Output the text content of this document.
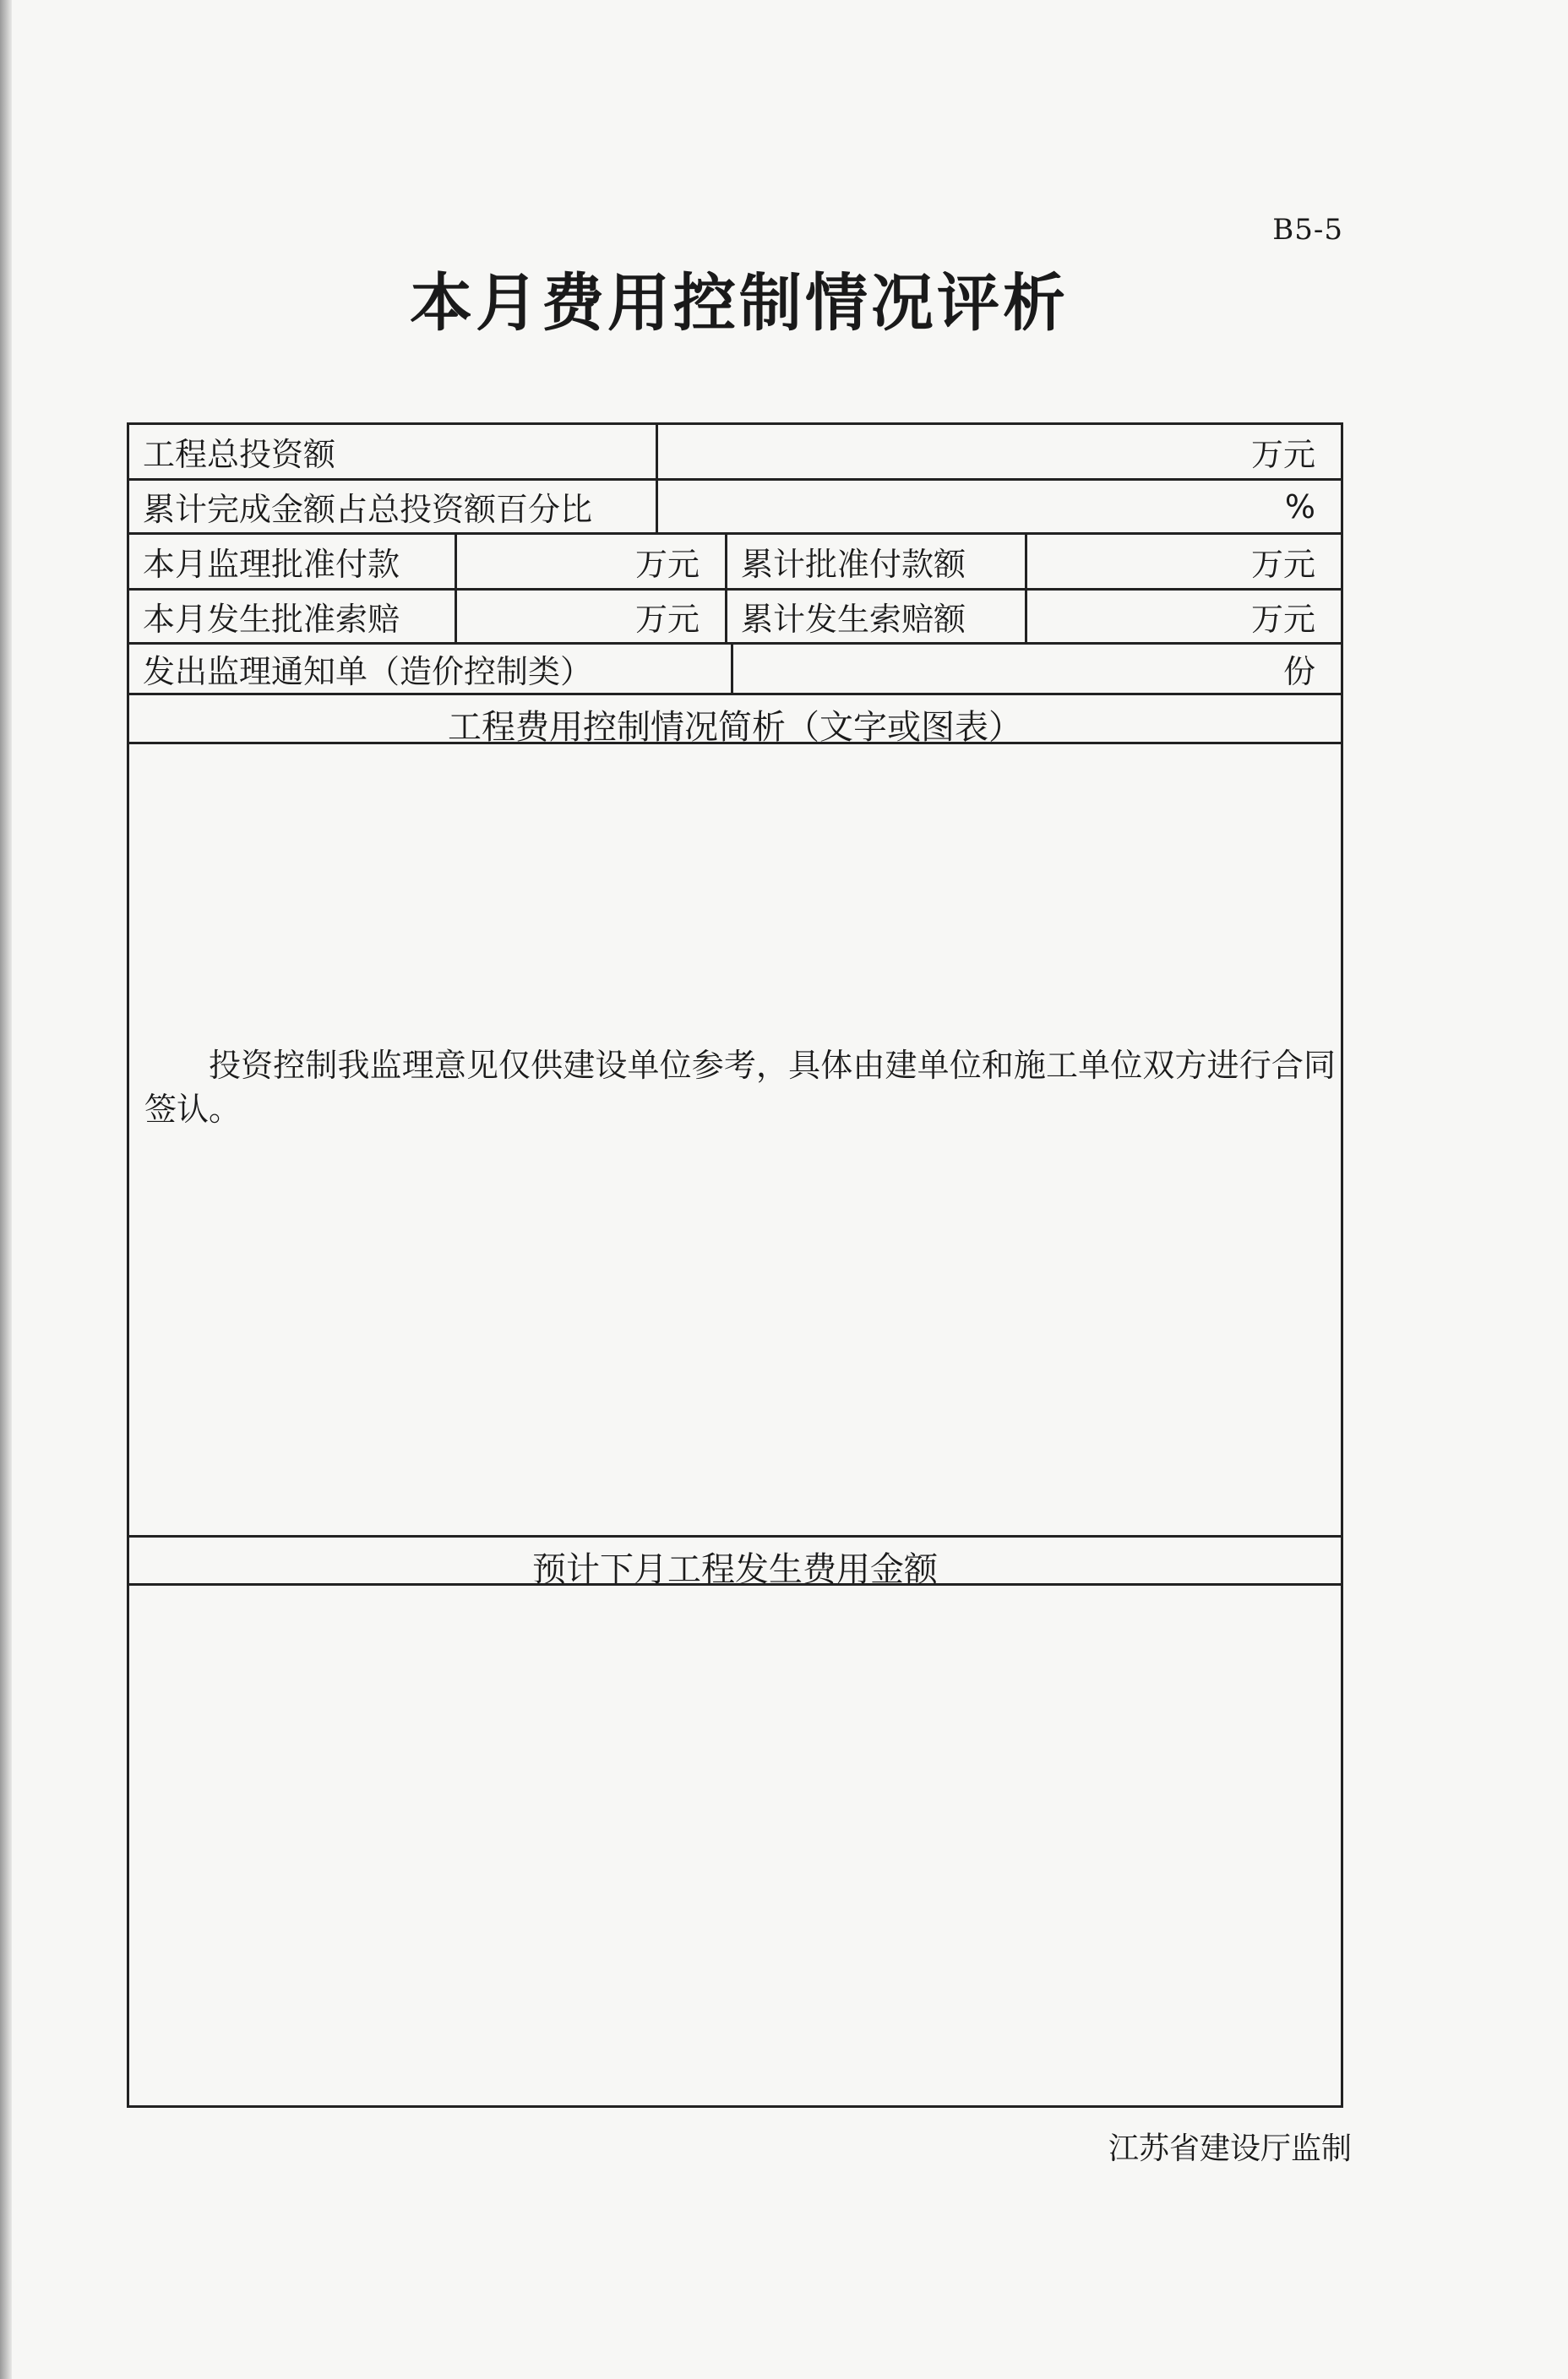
B5-5
本月费用控制情况评析
工程总投资额	万元
累计完成金额占总投资额百分比	%
本月监理批准付款	万元	累计批准付款额	万元
本月发生批准索赔	万元	累计发生索赔额	万元
发出监理通知单（造价控制类）	份
工程费用控制情况简析（文字或图表）
投资控制我监理意见仅供建设单位参考，具体由建单位和施工单位双方进行合同签认。
预计下月工程发生费用金额
江苏省建设厅监制
